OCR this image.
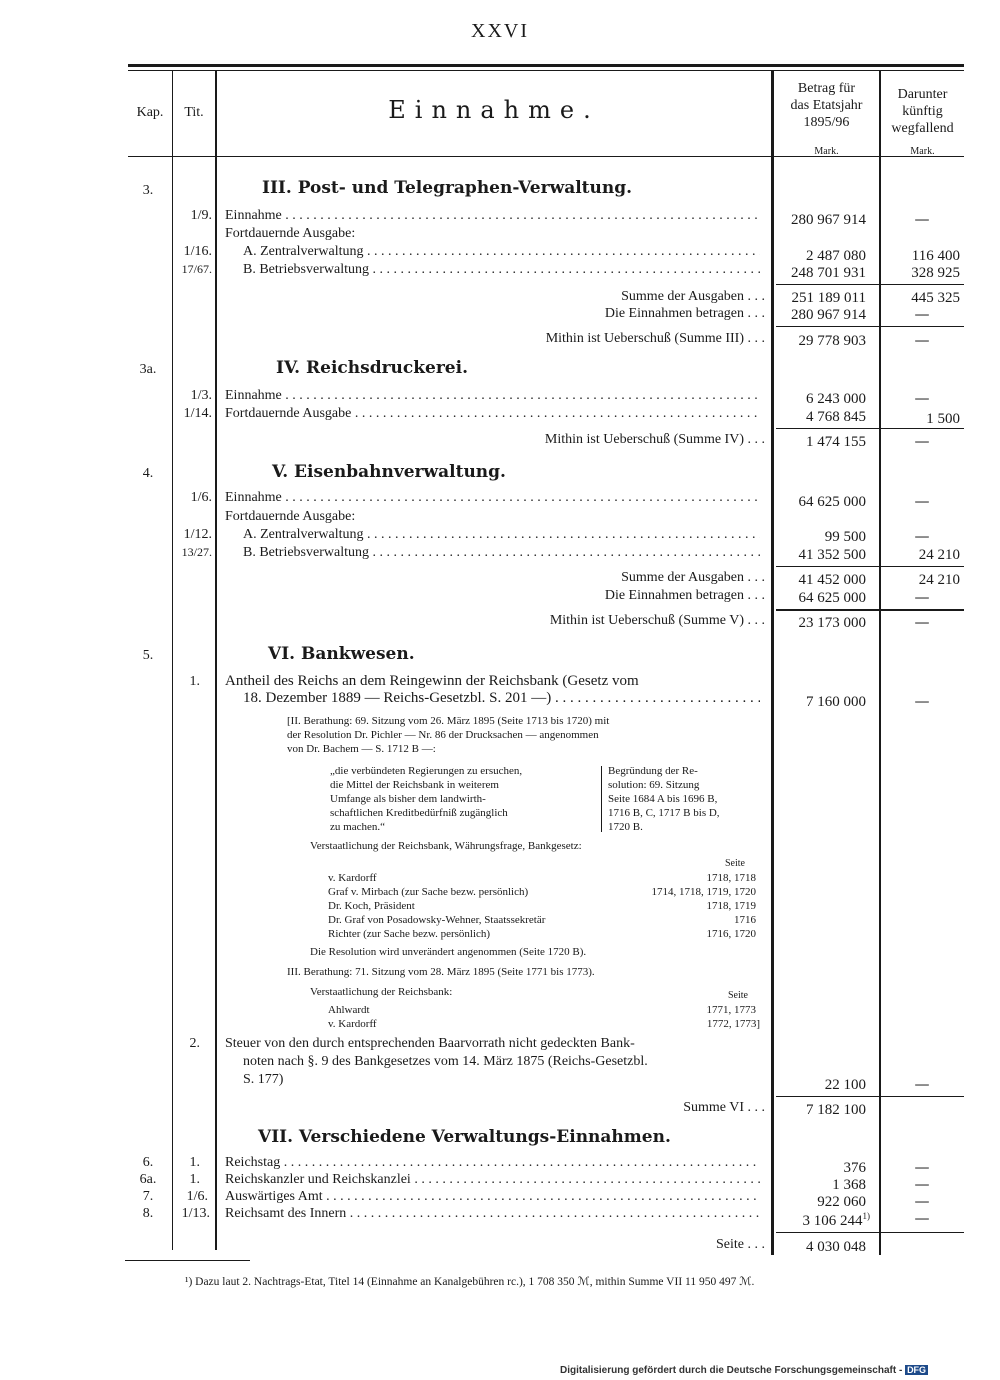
XXVI
Kap.	Tit.	Einnahme.
Betrag für
das Etatsjahr
1895/96
Mark.
Darunter
künftig
wegfallend
Mark.
3.	III. Post- und Telegraphen-Verwaltung.
1/9. Einnahme . . .	280 967 914	—
Fortdauernde Ausgabe:
1/16. A. Zentralverwaltung . . .	2 487 080	116 400
17/67. B. Betriebsverwaltung . . .	248 701 931	328 925
Summe der Ausgaben . . .	251 189 011	445 325
Die Einnahmen betragen . . .	280 967 914	—
Mithin ist Ueberschuß (Summe III) . . .	29 778 903	—
3a.	IV. Reichsdruckerei.
1/3. Einnahme . . .	6 243 000	—
1/14. Fortdauernde Ausgabe . . .	4 768 845	1 500
Mithin ist Ueberschuß (Summe IV) . . .	1 474 155	—
4.	V. Eisenbahnverwaltung.
1/6. Einnahme . . .	64 625 000	—
Fortdauernde Ausgabe:
1/12. A. Zentralverwaltung . . .	99 500	—
13/27. B. Betriebsverwaltung . . .	41 352 500	24 210
Summe der Ausgaben . . .	41 452 000	24 210
Die Einnahmen betragen . . .	64 625 000	—
Mithin ist Ueberschuß (Summe V) . . .	23 173 000	—
5.	VI. Bankwesen.
1. Antheil des Reichs an dem Reingewinn der Reichsbank (Gesetz vom
18. Dezember 1889 — Reichs-Gesetzbl. S. 201 —) . . .	7 160 000	—
[II. Berathung: 69. Sitzung vom 26. März 1895 (Seite 1713 bis 1720) mit
der Resolution Dr. Pichler — Nr. 86 der Drucksachen — angenommen
von Dr. Bachem — S. 1712 B —:
„die verbündeten Regierungen zu ersuchen,
die Mittel der Reichsbank in weiterem
Umfange als bisher dem landwirth-
schaftlichen Kreditbedürfniß zugänglich
zu machen.“
Begründung der Re-
solution: 69. Sitzung
Seite 1684 A bis 1696 B,
1716 B, C, 1717 B bis D,
1720 B.
Verstaatlichung der Reichsbank, Währungsfrage, Bankgesetz:
Seite
v. Kardorff	1718, 1718
Graf v. Mirbach (zur Sache bezw. persönlich)	1714, 1718, 1719, 1720
Dr. Koch, Präsident	1718, 1719
Dr. Graf von Posadowsky-Wehner, Staatssekretär	1716
Richter (zur Sache bezw. persönlich)	1716, 1720
Die Resolution wird unverändert angenommen (Seite 1720 B).
III. Berathung: 71. Sitzung vom 28. März 1895 (Seite 1771 bis 1773).
Verstaatlichung der Reichsbank:	Seite
Ahlwardt	1771, 1773
v. Kardorff	1772, 1773]
2. Steuer von den durch entsprechenden Baarvorrath nicht gedeckten Bank-
noten nach §. 9 des Bankgesetzes vom 14. März 1875 (Reichs-Gesetzbl.
S. 177)	22 100	—
Summe VI . . .	7 182 100
VII. Verschiedene Verwaltungs-Einnahmen.
6.	1. Reichstag . . .	376	—
6a.	1. Reichskanzler und Reichskanzlei . . .	1 368	—
7.	1/6. Auswärtiges Amt . . .	922 060	—
8.	1/13. Reichsamt des Innern . . .	3 106 244$^{1)}$	—
Seite . . .	4 030 048
¹) Dazu laut 2. Nachtrags-Etat, Titel 14 (Einnahme an Kanalgebühren rc.), 1 708 350 ℳ, mithin Summe VII 11 950 497 ℳ.
Digitalisierung gefördert durch die Deutsche Forschungsgemeinschaft - DFG
